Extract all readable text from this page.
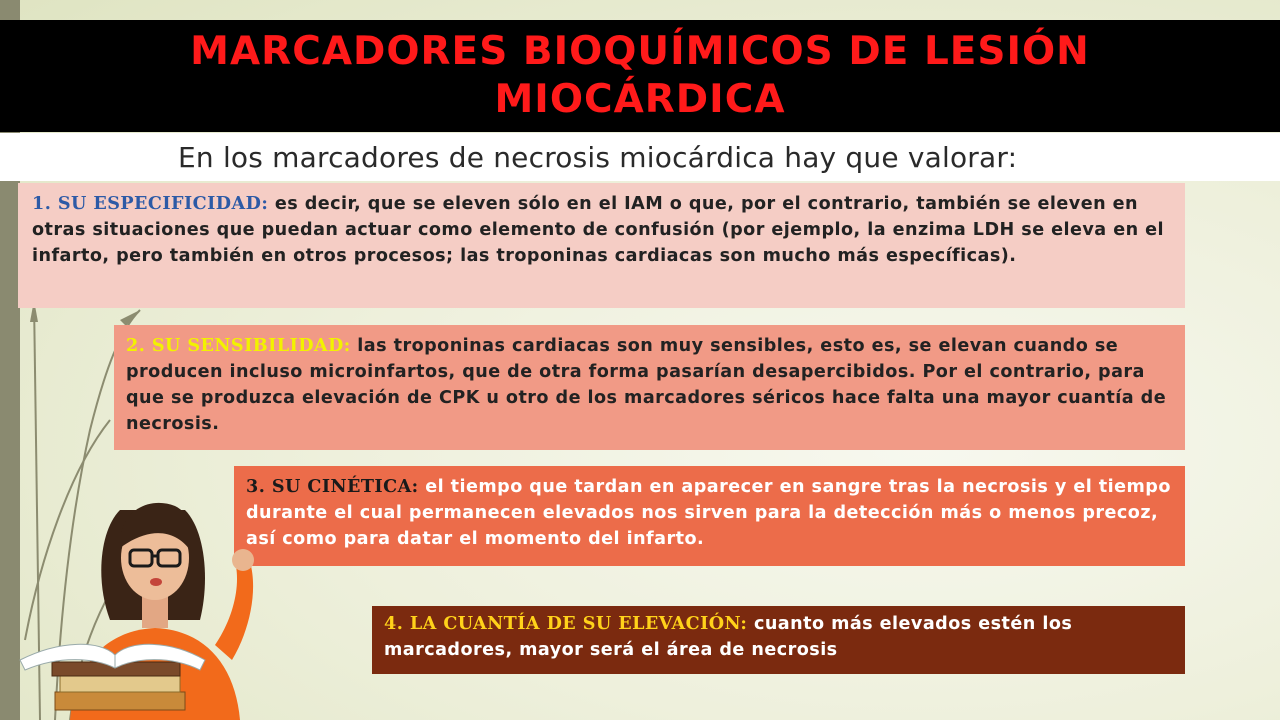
MARCADORES BIOQUÍMICOS DE LESIÓN MIOCÁRDICA
En los marcadores de necrosis miocárdica hay que valorar:
1. SU ESPECIFICIDAD: es decir, que se eleven sólo en el IAM o que, por el contrario, también se eleven en otras situaciones que puedan actuar como elemento de confusión (por ejemplo, la enzima LDH se eleva en el infarto, pero también en otros procesos; las troponinas cardiacas son mucho más específicas).
2. SU SENSIBILIDAD: las troponinas cardiacas son muy sensibles, esto es, se elevan cuando se producen incluso microinfartos, que de otra forma pasarían desapercibidos. Por el contrario, para que se produzca elevación de CPK u otro de los marcadores séricos hace falta una mayor cuantía de necrosis.
3. SU CINÉTICA: el tiempo que tardan en aparecer en sangre tras la necrosis y el tiempo durante el cual permanecen elevados nos sirven para la detección más o menos precoz, así como para datar el momento del infarto.
4. LA CUANTÍA DE SU ELEVACIÓN: cuanto más elevados estén los marcadores, mayor será el área de necrosis
